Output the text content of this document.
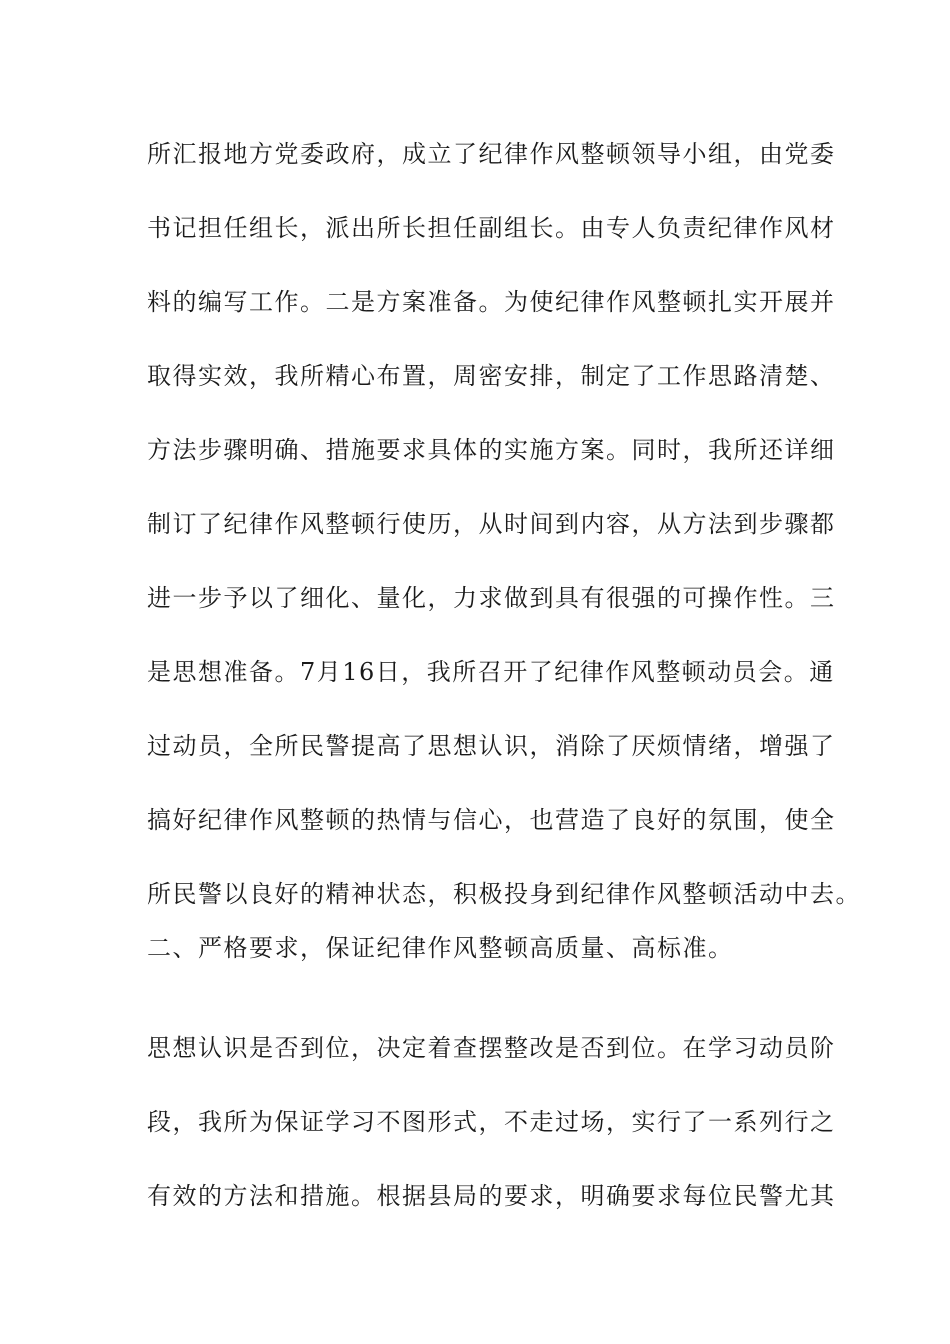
所汇报地方党委政府，成立了纪律作风整顿领导小组，由党委
书记担任组长，派出所长担任副组长。由专人负责纪律作风材
料的编写工作。二是方案准备。为使纪律作风整顿扎实开展并
取得实效，我所精心布置，周密安排，制定了工作思路清楚、
方法步骤明确、措施要求具体的实施方案。同时，我所还详细
制订了纪律作风整顿行使历，从时间到内容，从方法到步骤都
进一步予以了细化、量化，力求做到具有很强的可操作性。三
是思想准备。7月16日，我所召开了纪律作风整顿动员会。通
过动员，全所民警提高了思想认识，消除了厌烦情绪，增强了
搞好纪律作风整顿的热情与信心，也营造了良好的氛围，使全
所民警以良好的精神状态，积极投身到纪律作风整顿活动中去。
二、严格要求，保证纪律作风整顿高质量、高标准。
思想认识是否到位，决定着查摆整改是否到位。在学习动员阶
段，我所为保证学习不图形式，不走过场，实行了一系列行之
有效的方法和措施。根据县局的要求，明确要求每位民警尤其
